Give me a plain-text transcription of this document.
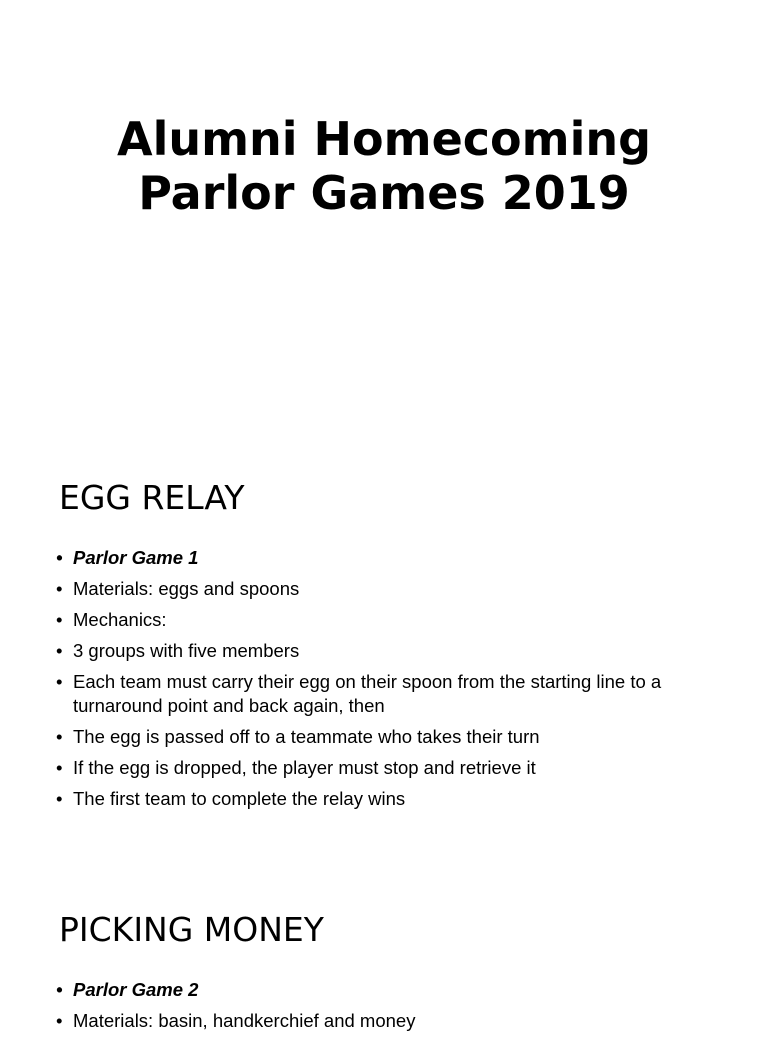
Alumni Homecoming
Parlor Games 2019
EGG RELAY
• Parlor Game 1
• Materials: eggs and spoons
• Mechanics:
• 3 groups with five members
• Each team must carry their egg on their spoon from the starting line to a turnaround point and back again, then
• The egg is passed off to a teammate who takes their turn
• If the egg is dropped, the player must stop and retrieve it
• The first team to complete the relay wins
PICKING MONEY
• Parlor Game 2
• Materials: basin, handkerchief and money
